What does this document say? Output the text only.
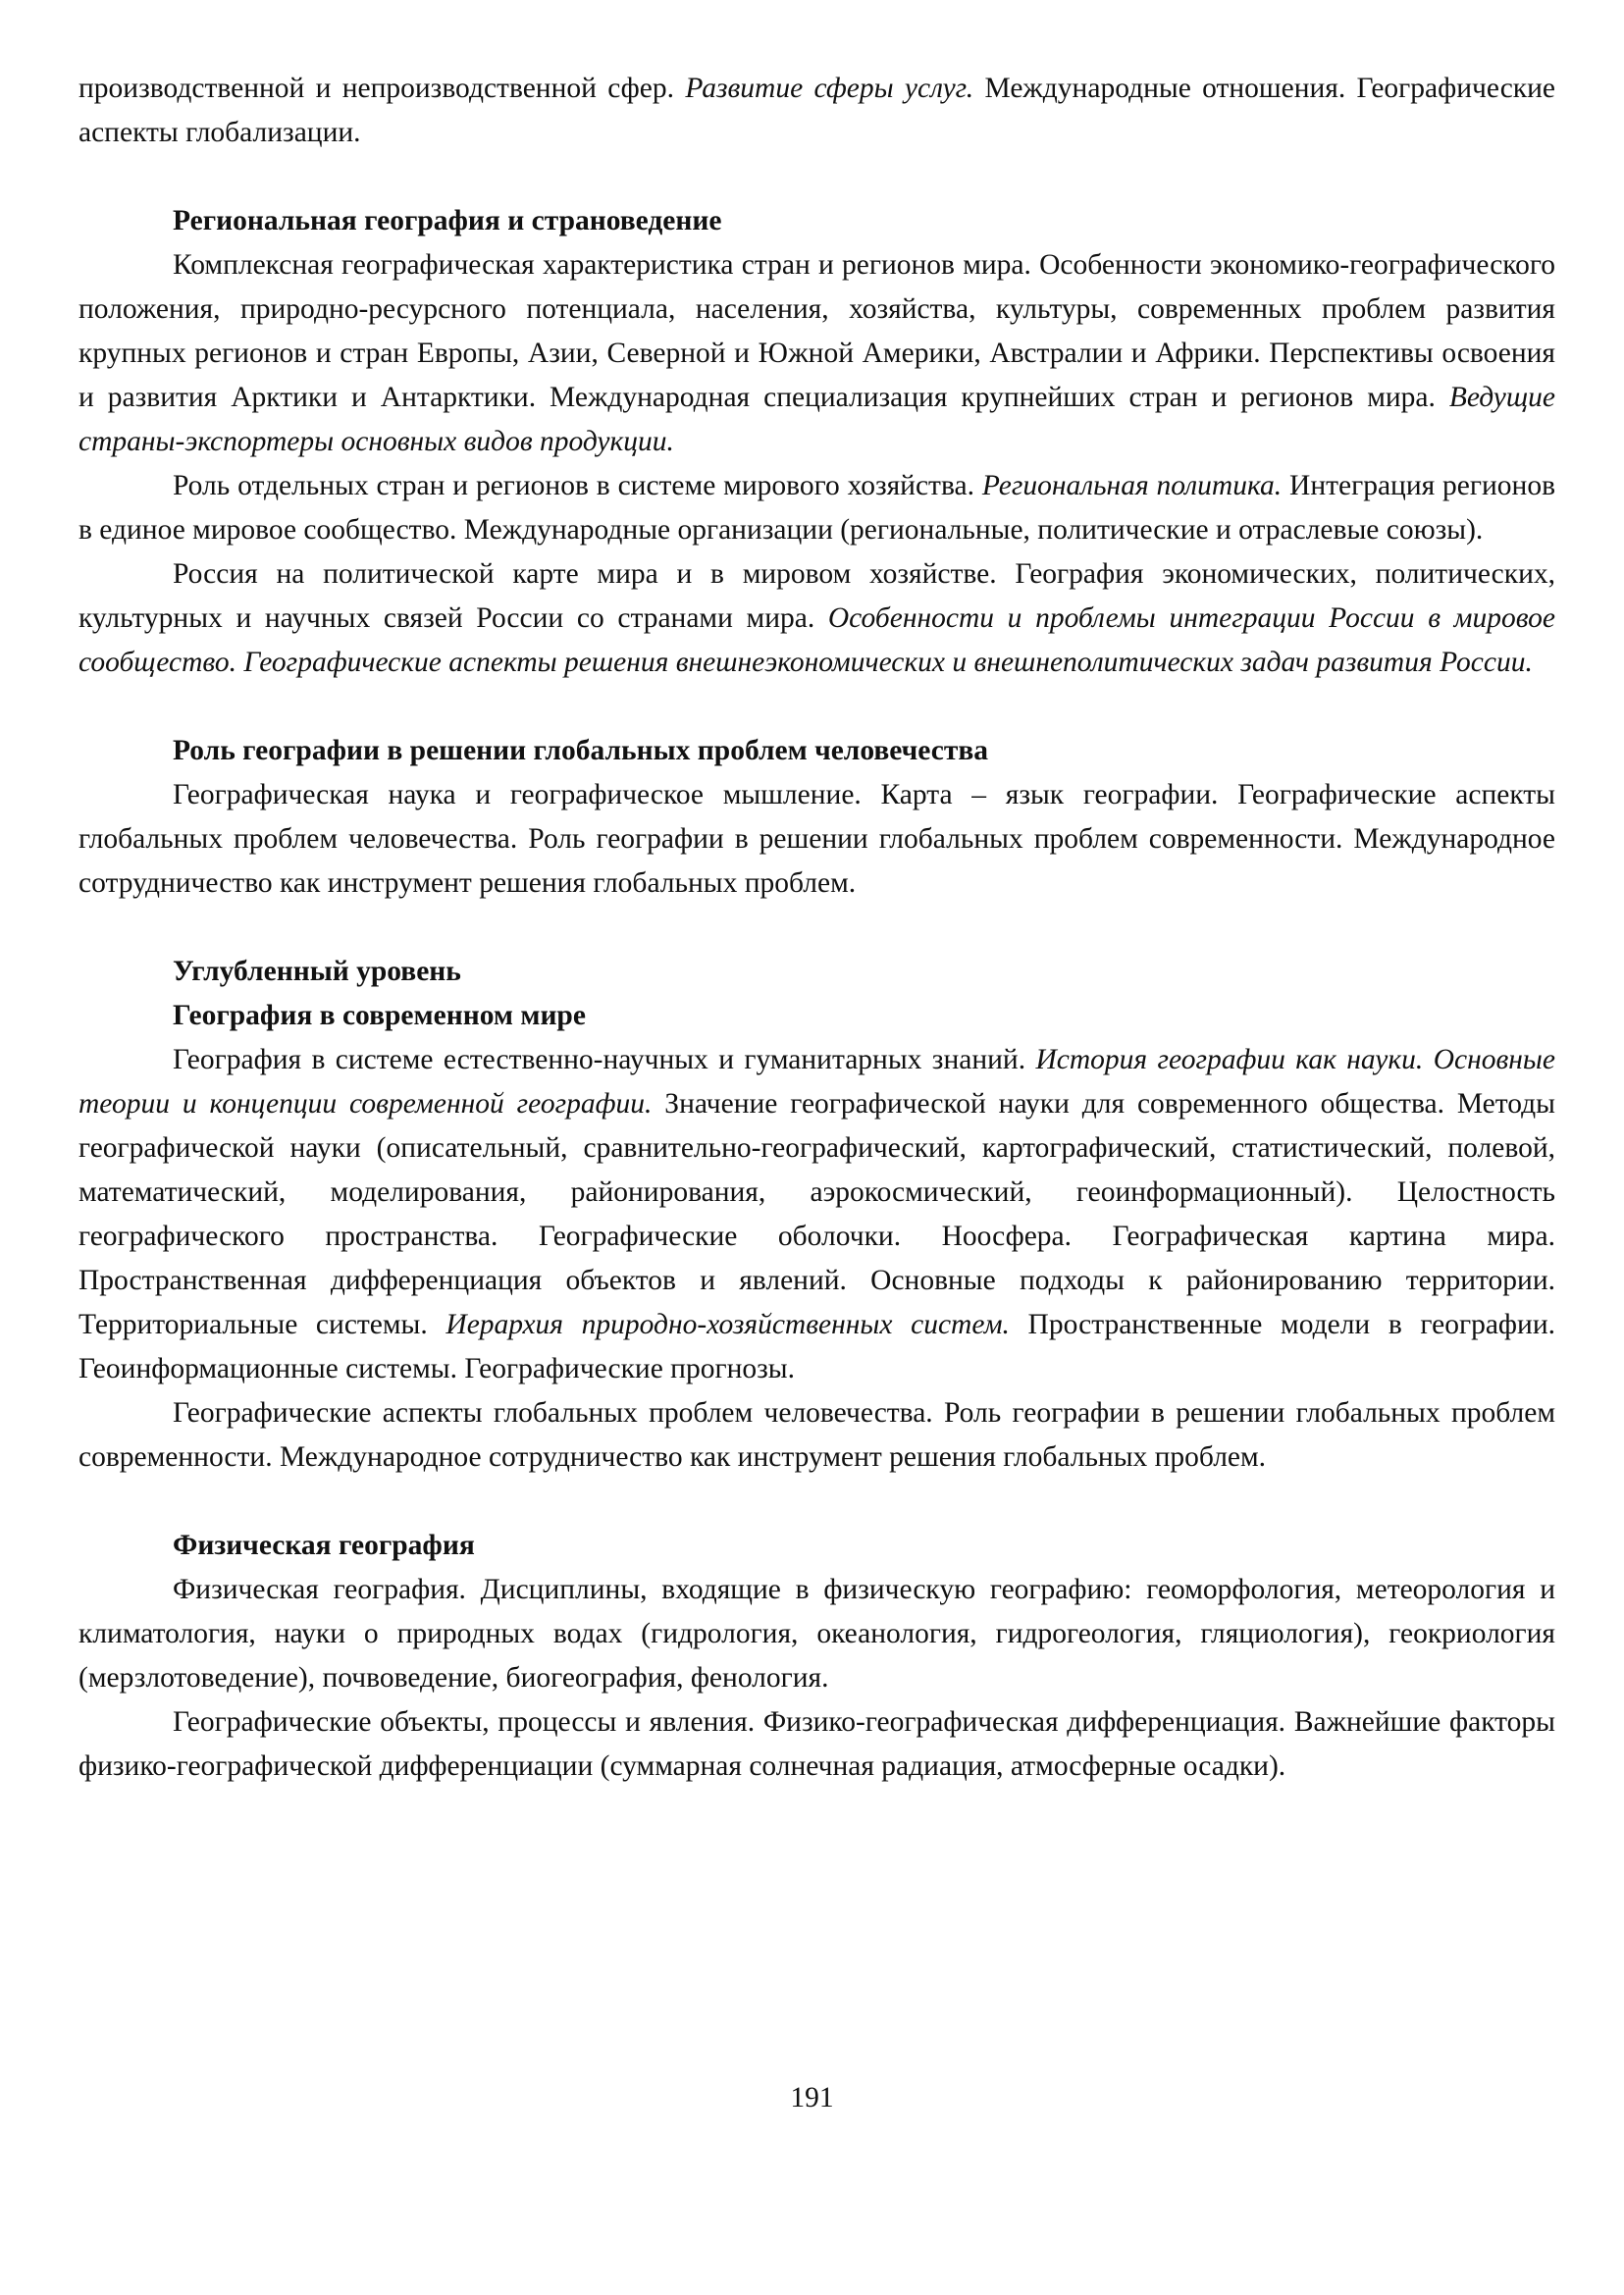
производственной и непроизводственной сфер. Развитие сферы услуг. Международные отношения. Географические аспекты глобализации.

Региональная география и страноведение

Комплексная географическая характеристика стран и регионов мира. Особенности экономико-географического положения, природно-ресурсного потенциала, населения, хозяйства, культуры, современных проблем развития крупных регионов и стран Европы, Азии, Северной и Южной Америки, Австралии и Африки. Перспективы освоения и развития Арктики и Антарктики. Международная специализация крупнейших стран и регионов мира. Ведущие страны-экспортеры основных видов продукции.

Роль отдельных стран и регионов в системе мирового хозяйства. Региональная политика. Интеграция регионов в единое мировое сообщество. Международные организации (региональные, политические и отраслевые союзы).

Россия на политической карте мира и в мировом хозяйстве. География экономических, политических, культурных и научных связей России со странами мира. Особенности и проблемы интеграции России в мировое сообщество. Географические аспекты решения внешнеэкономических и внешнеполитических задач развития России.

Роль географии в решении глобальных проблем человечества

Географическая наука и географическое мышление. Карта – язык географии. Географические аспекты глобальных проблем человечества. Роль географии в решении глобальных проблем современности. Международное сотрудничество как инструмент решения глобальных проблем.

Углубленный уровень
География в современном мире

География в системе естественно-научных и гуманитарных знаний. История географии как науки. Основные теории и концепции современной географии. Значение географической науки для современного общества. Методы географической науки (описательный, сравнительно-географический, картографический, статистический, полевой, математический, моделирования, районирования, аэрокосмический, геоинформационный). Целостность географического пространства. Географические оболочки. Ноосфера. Географическая картина мира. Пространственная дифференциация объектов и явлений. Основные подходы к районированию территории. Территориальные системы. Иерархия природно-хозяйственных систем. Пространственные модели в географии. Геоинформационные системы. Географические прогнозы.

Географические аспекты глобальных проблем человечества. Роль географии в решении глобальных проблем современности. Международное сотрудничество как инструмент решения глобальных проблем.

Физическая география

Физическая география. Дисциплины, входящие в физическую географию: геоморфология, метеорология и климатология, науки о природных водах (гидрология, океанология, гидрогеология, гляциология), геокриология (мерзлотоведение), почвоведение, биогеография, фенология.

Географические объекты, процессы и явления. Физико-географическая дифференциация. Важнейшие факторы физико-географической дифференциации (суммарная солнечная радиация, атмосферные осадки).

191
